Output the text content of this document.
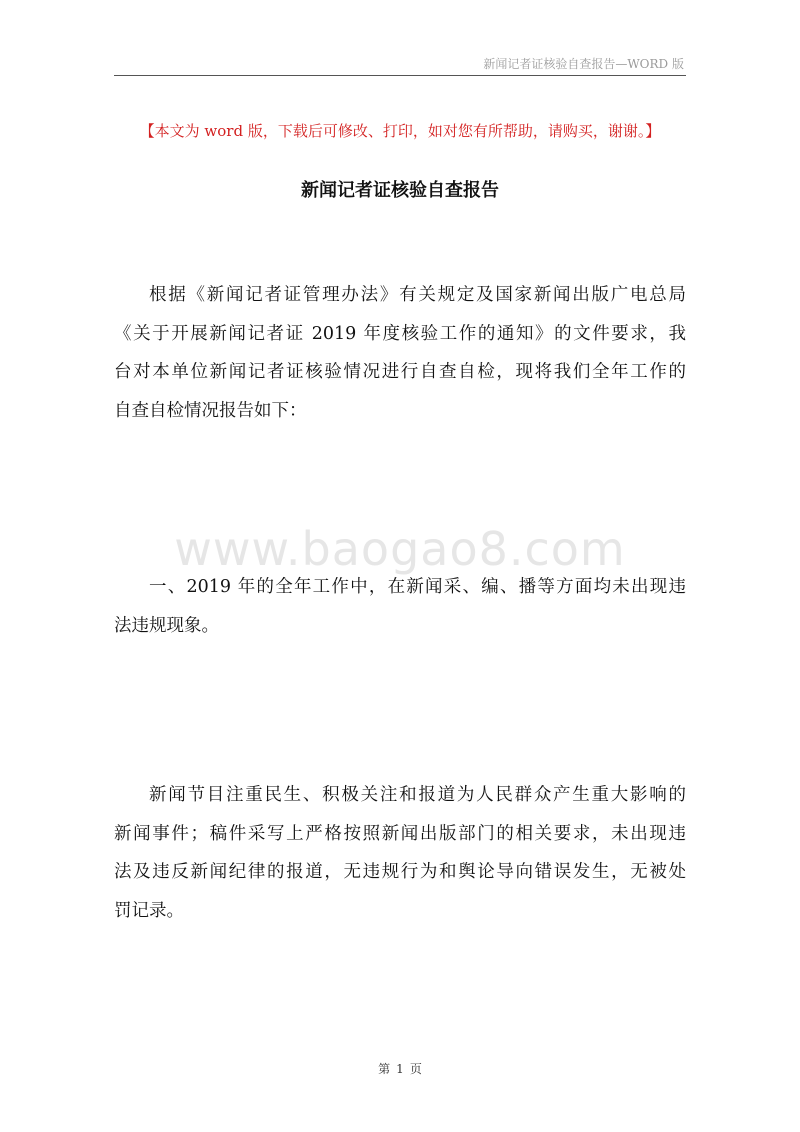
新闻记者证核验自查报告—WORD 版
【本文为 word 版，下载后可修改、打印，如对您有所帮助，请购买，谢谢。】
新闻记者证核验自查报告
根据《新闻记者证管理办法》有关规定及国家新闻出版广电总局
《关于开展新闻记者证 2019 年度核验工作的通知》的文件要求，我
台对本单位新闻记者证核验情况进行自查自检，现将我们全年工作的
自查自检情况报告如下：
www.baogao8.com
一、2019 年的全年工作中，在新闻采、编、播等方面均未出现违
法违规现象。
新闻节目注重民生、积极关注和报道为人民群众产生重大影响的
新闻事件；稿件采写上严格按照新闻出版部门的相关要求，未出现违
法及违反新闻纪律的报道，无违规行为和舆论导向错误发生，无被处
罚记录。
第 1 页
